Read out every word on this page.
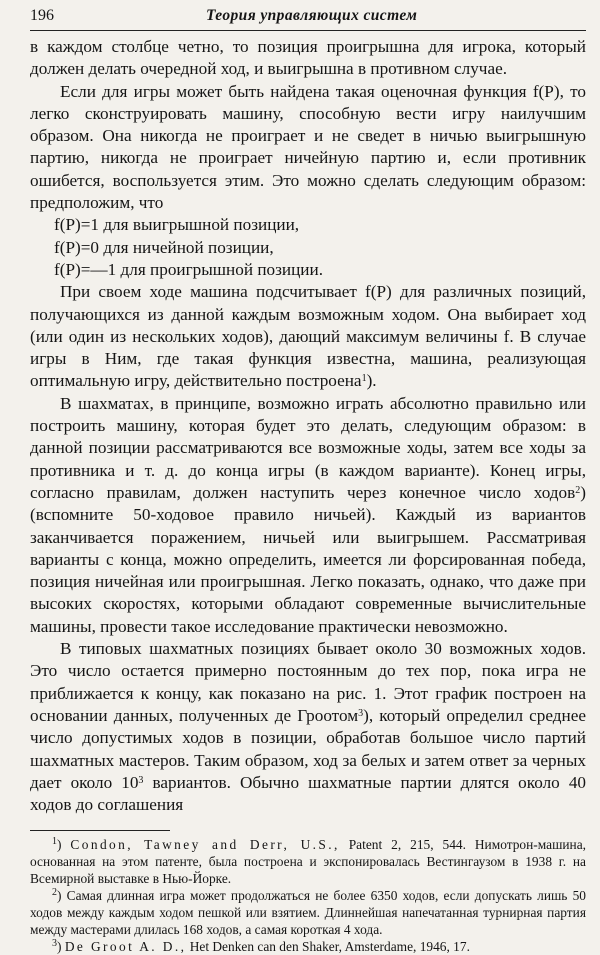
196	Теория управляющих систем

в каждом столбце четно, то позиция проигрышна для игрока, который должен делать очередной ход, и выигрышна в противном случае.

Если для игры может быть найдена такая оценочная функция f(P), то легко сконструировать машину, способную вести игру наилучшим образом. Она никогда не проиграет и не сведет в ничью выигрышную партию, никогда не проиграет ничейную партию и, если противник ошибется, воспользуется этим. Это можно сделать следующим образом: предположим, что

f(P)=1 для выигрышной позиции,

f(P)=0 для ничейной позиции,

f(P)=—1 для проигрышной позиции.

При своем ходе машина подсчитывает f(P) для различных позиций, получающихся из данной каждым возможным ходом. Она выбирает ход (или один из нескольких ходов), дающий максимум величины f. В случае игры в Ним, где такая функция известна, машина, реализующая оптимальную игру, действительно построена$^1$).

В шахматах, в принципе, возможно играть абсолютно правильно или построить машину, которая будет это делать, следующим образом: в данной позиции рассматриваются все возможные ходы, затем все ходы за противника и т. д. до конца игры (в каждом варианте). Конец игры, согласно правилам, должен наступить через конечное число ходов$^2$) (вспомните 50-ходовое правило ничьей). Каждый из вариантов заканчивается поражением, ничьей или выигрышем. Рассматривая варианты с конца, можно определить, имеется ли форсированная победа, позиция ничейная или проигрышная. Легко показать, однако, что даже при высоких скоростях, которыми обладают современные вычислительные машины, провести такое исследование практически невозможно.

В типовых шахматных позициях бывает около 30 возможных ходов. Это число остается примерно постоянным до тех пор, пока игра не приближается к концу, как показано на рис. 1. Этот график построен на основании данных, полученных де Гроотом$^3$), который определил среднее число допустимых ходов в позиции, обработав большое число партий шахматных мастеров. Таким образом, ход за белых и затем ответ за черных дает около $10^3$ вариантов. Обычно шахматные партии длятся около 40 ходов до соглашения

$^1$) Condon, Tawney and Derr, U.S., Patent 2, 215, 544. Нимотрон-машина, основанная на этом патенте, была построена и экспонировалась Вестингаузом в 1938 г. на Всемирной выставке в Нью-Йорке.

$^2$) Самая длинная игра может продолжаться не более 6350 ходов, если допускать лишь 50 ходов между каждым ходом пешкой или взятием. Длиннейшая напечатанная турнирная партия между мастерами длилась 168 ходов, а самая короткая 4 хода.

$^3$) De Groot A. D., Het Denken can den Shaker, Amsterdame, 1946, 17.
